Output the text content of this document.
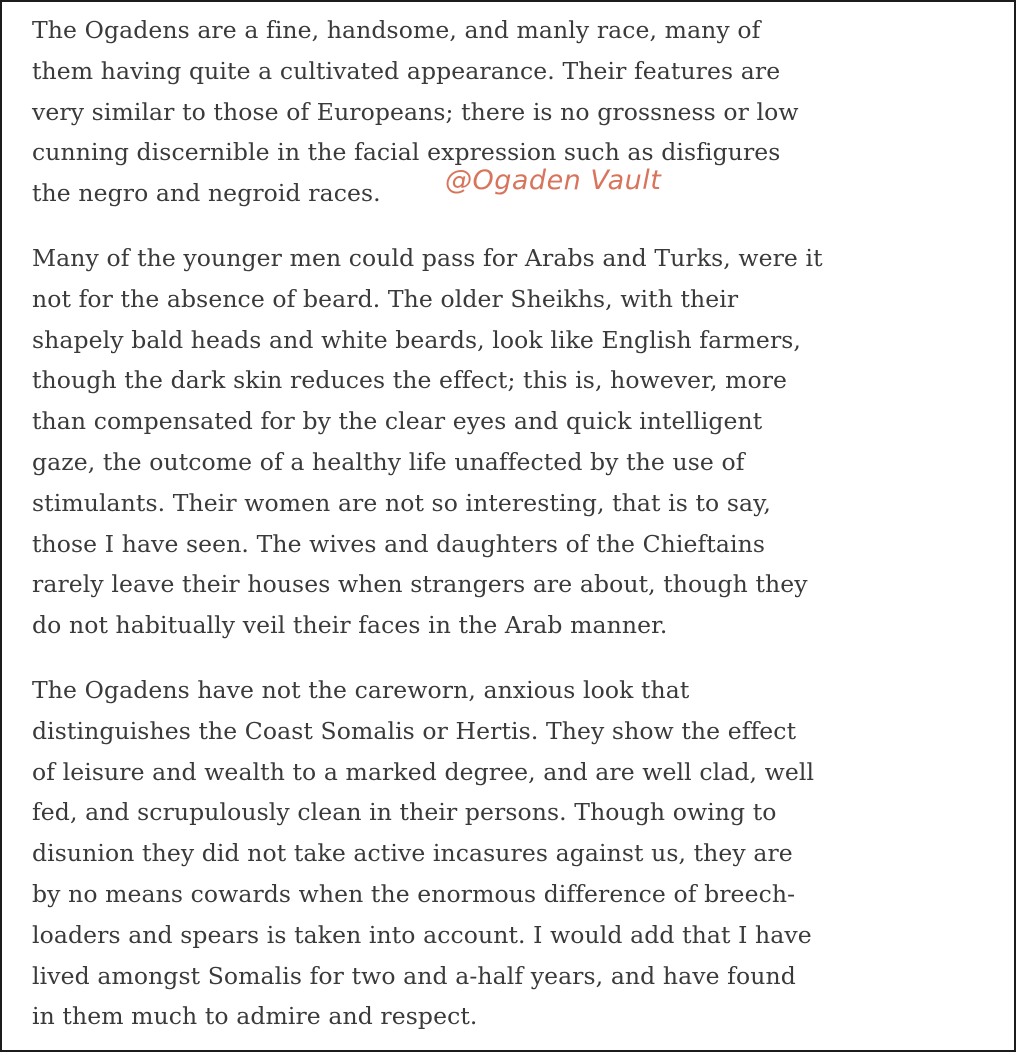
The Ogadens are a fine, handsome, and manly race, many of
them having quite a cultivated appearance. Their features are
very similar to those of Europeans; there is no grossness or low
cunning discernible in the facial expression such as disfigures
the negro and negroid races.

Many of the younger men could pass for Arabs and Turks, were it
not for the absence of beard. The older Sheikhs, with their
shapely bald heads and white beards, look like English farmers,
though the dark skin reduces the effect; this is, however, more
than compensated for by the clear eyes and quick intelligent
gaze, the outcome of a healthy life unaffected by the use of
stimulants. Their women are not so interesting, that is to say,
those I have seen. The wives and daughters of the Chieftains
rarely leave their houses when strangers are about, though they
do not habitually veil their faces in the Arab manner.

The Ogadens have not the careworn, anxious look that
distinguishes the Coast Somalis or Hertis. They show the effect
of leisure and wealth to a marked degree, and are well clad, well
fed, and scrupulously clean in their persons. Though owing to
disunion they did not take active incasures against us, they are
by no means cowards when the enormous difference of breech-
loaders and spears is taken into account. I would add that I have
lived amongst Somalis for two and a-half years, and have found
in them much to admire and respect.

@Ogaden Vault
